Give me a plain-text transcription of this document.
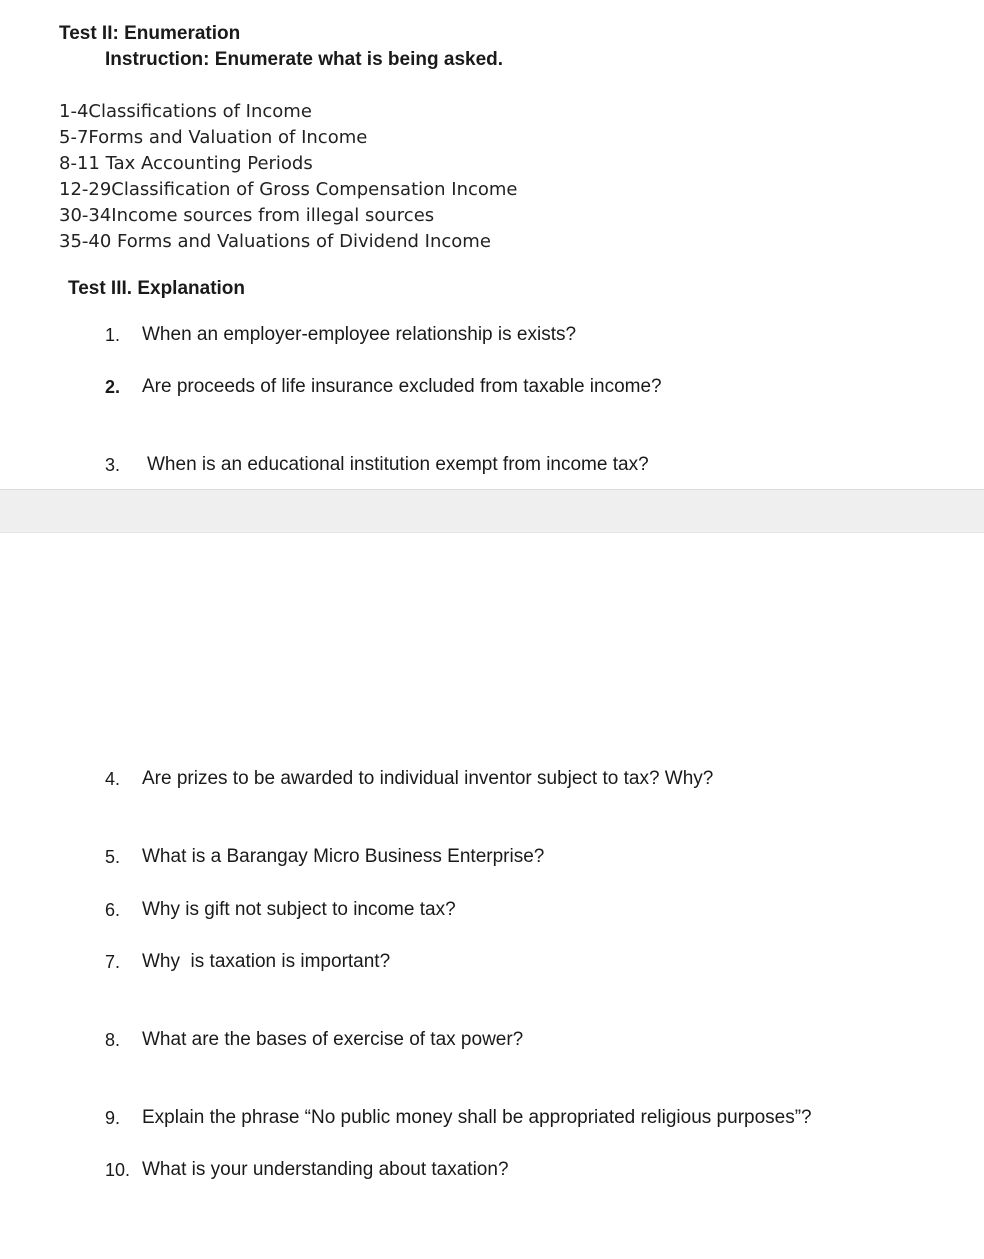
Test II: Enumeration
Instruction: Enumerate what is being asked.
1-4Classifications of Income
5-7Forms and Valuation of Income
8-11 Tax Accounting Periods
12-29Classification of Gross Compensation Income
30-34Income sources from illegal sources
35-40 Forms and Valuations of Dividend Income
Test III. Explanation
1. When an employer-employee relationship is exists?
2. Are proceeds of life insurance excluded from taxable income?
3. When is an educational institution exempt from income tax?
4. Are prizes to be awarded to individual inventor subject to tax? Why?
5. What is a Barangay Micro Business Enterprise?
6. Why is gift not subject to income tax?
7. Why  is taxation is important?
8. What are the bases of exercise of tax power?
9. Explain the phrase “No public money shall be appropriated religious purposes”?
10. What is your understanding about taxation?
